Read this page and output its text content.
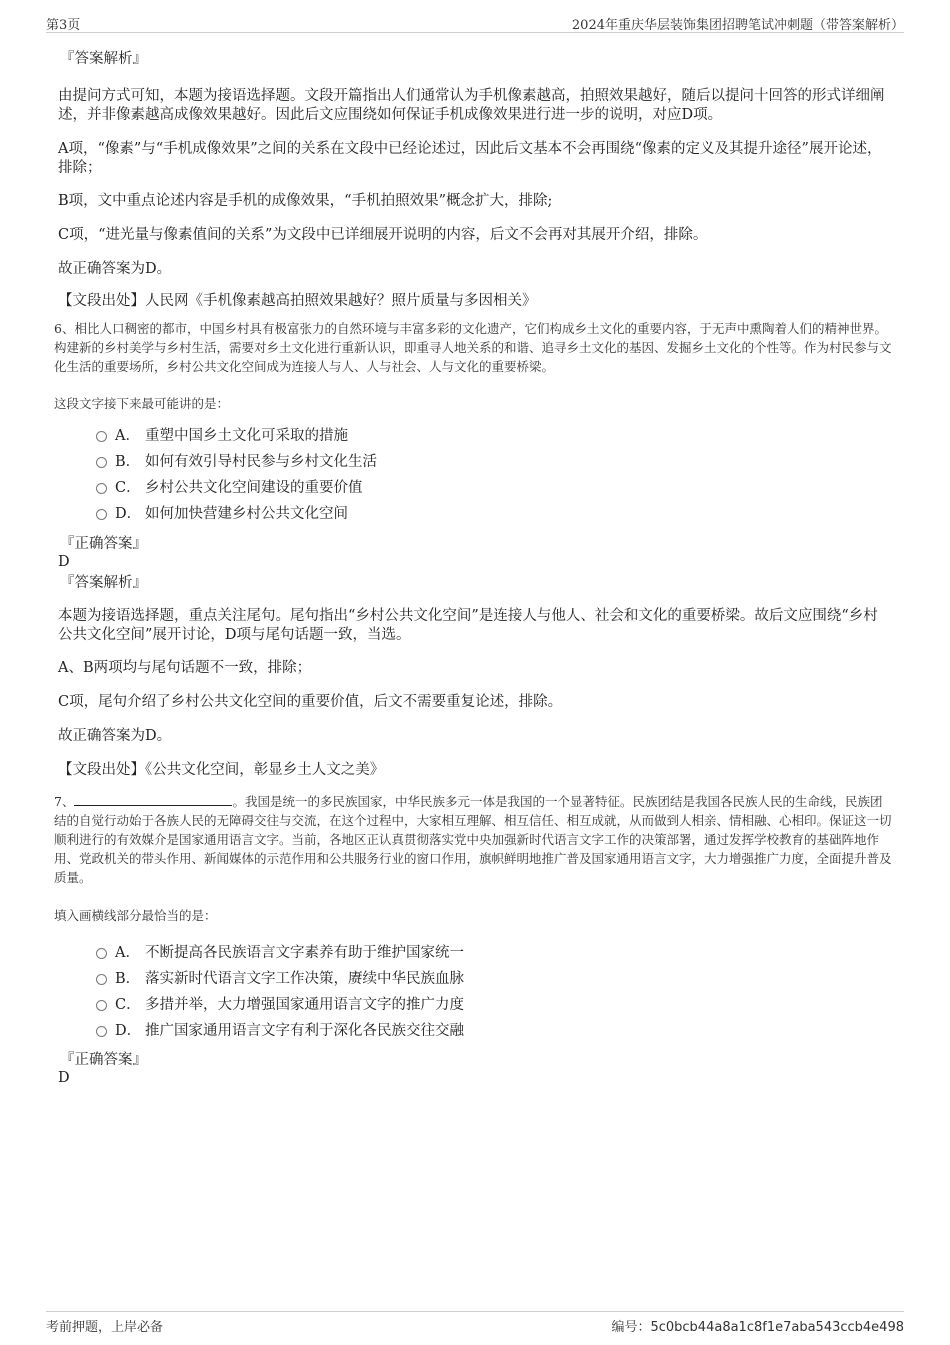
第3页	2024年重庆华层装饰集团招聘笔试冲刺题（带答案解析）
『答案解析』
由提问方式可知，本题为接语选择题。文段开篇指出人们通常认为手机像素越高，拍照效果越好，随后以提问十回答的形式详细阐述，并非像素越高成像效果越好。因此后文应围绕如何保证手机成像效果进行进一步的说明，对应D项。
A项，“像素”与“手机成像效果”之间的关系在文段中已经论述过，因此后文基本不会再围绕“像素的定义及其提升途径”展开论述，排除；
B项，文中重点论述内容是手机的成像效果，“手机拍照效果”概念扩大，排除;
C项，“进光量与像素值间的关系”为文段中已详细展开说明的内容，后文不会再对其展开介绍，排除。
故正确答案为D。
【文段出处】人民网《手机像素越高拍照效果越好？照片质量与多因相关》
6、相比人口稠密的都市，中国乡村具有极富张力的自然环境与丰富多彩的文化遗产，它们构成乡土文化的重要内容，于无声中熏陶着人们的精神世界。构建新的乡村美学与乡村生活，需要对乡土文化进行重新认识，即重寻人地关系的和谐、追寻乡土文化的基因、发掘乡土文化的个性等。作为村民参与文化生活的重要场所，乡村公共文化空间成为连接人与人、人与社会、人与文化的重要桥梁。
这段文字接下来最可能讲的是：
A． 重塑中国乡土文化可采取的措施
B． 如何有效引导村民参与乡村文化生活
C． 乡村公共文化空间建设的重要价值
D． 如何加快营建乡村公共文化空间
『正确答案』
D
『答案解析』
本题为接语选择题，重点关注尾句。尾句指出“乡村公共文化空间”是连接人与他人、社会和文化的重要桥梁。故后文应围绕“乡村公共文化空间”展开讨论，D项与尾句话题一致，当选。
A、B两项均与尾句话题不一致，排除；
C项，尾句介绍了乡村公共文化空间的重要价值，后文不需要重复论述，排除。
故正确答案为D。
【文段出处】《公共文化空间，彰显乡土人文之美》
7、	。我国是统一的多民族国家，中华民族多元一体是我国的一个显著特征。民族团结是我国各民族人民的生命线，民族团结的自觉行动始于各族人民的无障碍交往与交流，在这个过程中，大家相互理解、相互信任、相互成就，从而做到人相亲、情相融、心相印。保证这一切顺利进行的有效媒介是国家通用语言文字。当前，各地区正认真贯彻落实党中央加强新时代语言文字工作的决策部署，通过发挥学校教育的基础阵地作用、党政机关的带头作用、新闻媒体的示范作用和公共服务行业的窗口作用，旗帜鲜明地推广普及国家通用语言文字，大力增强推广力度，全面提升普及质量。
填入画横线部分最恰当的是：
A． 不断提高各民族语言文字素养有助于维护国家统一
B． 落实新时代语言文字工作决策，赓续中华民族血脉
C． 多措并举，大力增强国家通用语言文字的推广力度
D． 推广国家通用语言文字有利于深化各民族交往交融
『正确答案』
D
考前押题，上岸必备	编号：5c0bcb44a8a1c8f1e7aba543ccb4e498
